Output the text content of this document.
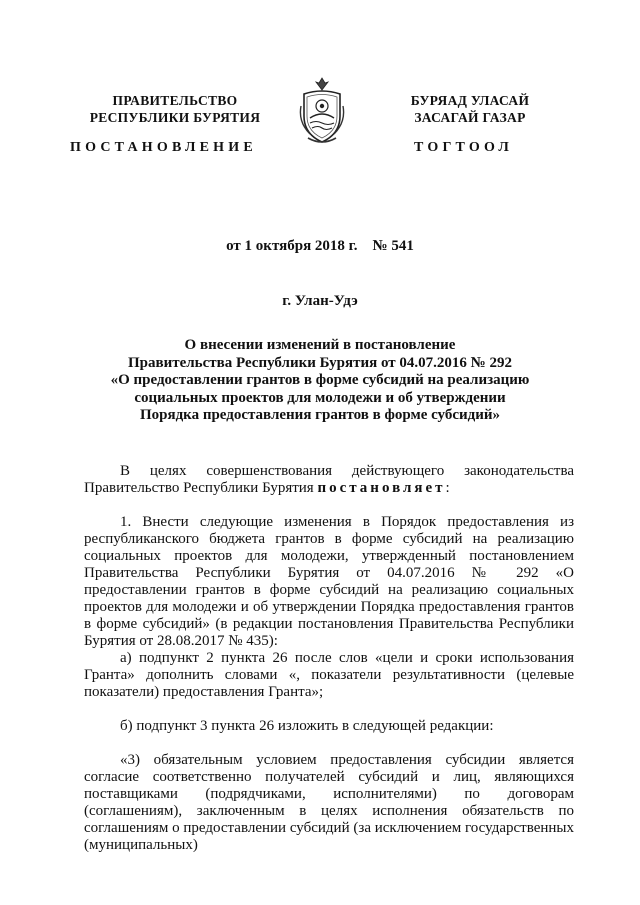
ПРАВИТЕЛЬСТВО
РЕСПУБЛИКИ БУРЯТИЯ
БУРЯАД УЛАСАЙ
ЗАСАГАЙ ГАЗАР
ПОСТАНОВЛЕНИЕ	ТОГТООЛ
от 1 октября 2018 г.    № 541
г. Улан-Удэ
О внесении изменений в постановление
Правительства Республики Бурятия от 04.07.2016 № 292
«О предоставлении грантов в форме субсидий на реализацию
социальных проектов для молодежи и об утверждении
Порядка предоставления грантов в форме субсидий»
В целях совершенствования действующего законодательства Правительство Республики Бурятия постановляет:
1. Внести следующие изменения в Порядок предоставления из республиканского бюджета грантов в форме субсидий на реализацию социальных проектов для молодежи, утвержденный постановлением Правительства Республики Бурятия от 04.07.2016 № 292 «О предоставлении грантов в форме субсидий на реализацию социальных проектов для молодежи и об утверждении Порядка предоставления грантов в форме субсидий» (в редакции постановления Правительства Республики Бурятия от 28.08.2017 № 435):
а) подпункт 2 пункта 26 после слов «цели и сроки использования Гранта» дополнить словами «, показатели результативности (целевые показатели) предоставления Гранта»;
б) подпункт 3 пункта 26 изложить в следующей редакции:
«3) обязательным условием предоставления субсидии является согласие соответственно получателей субсидий и лиц, являющихся поставщиками (подрядчиками, исполнителями) по договорам (соглашениям), заключенным в целях исполнения обязательств по соглашениям о предоставлении субсидий (за исключением государственных (муниципальных)
